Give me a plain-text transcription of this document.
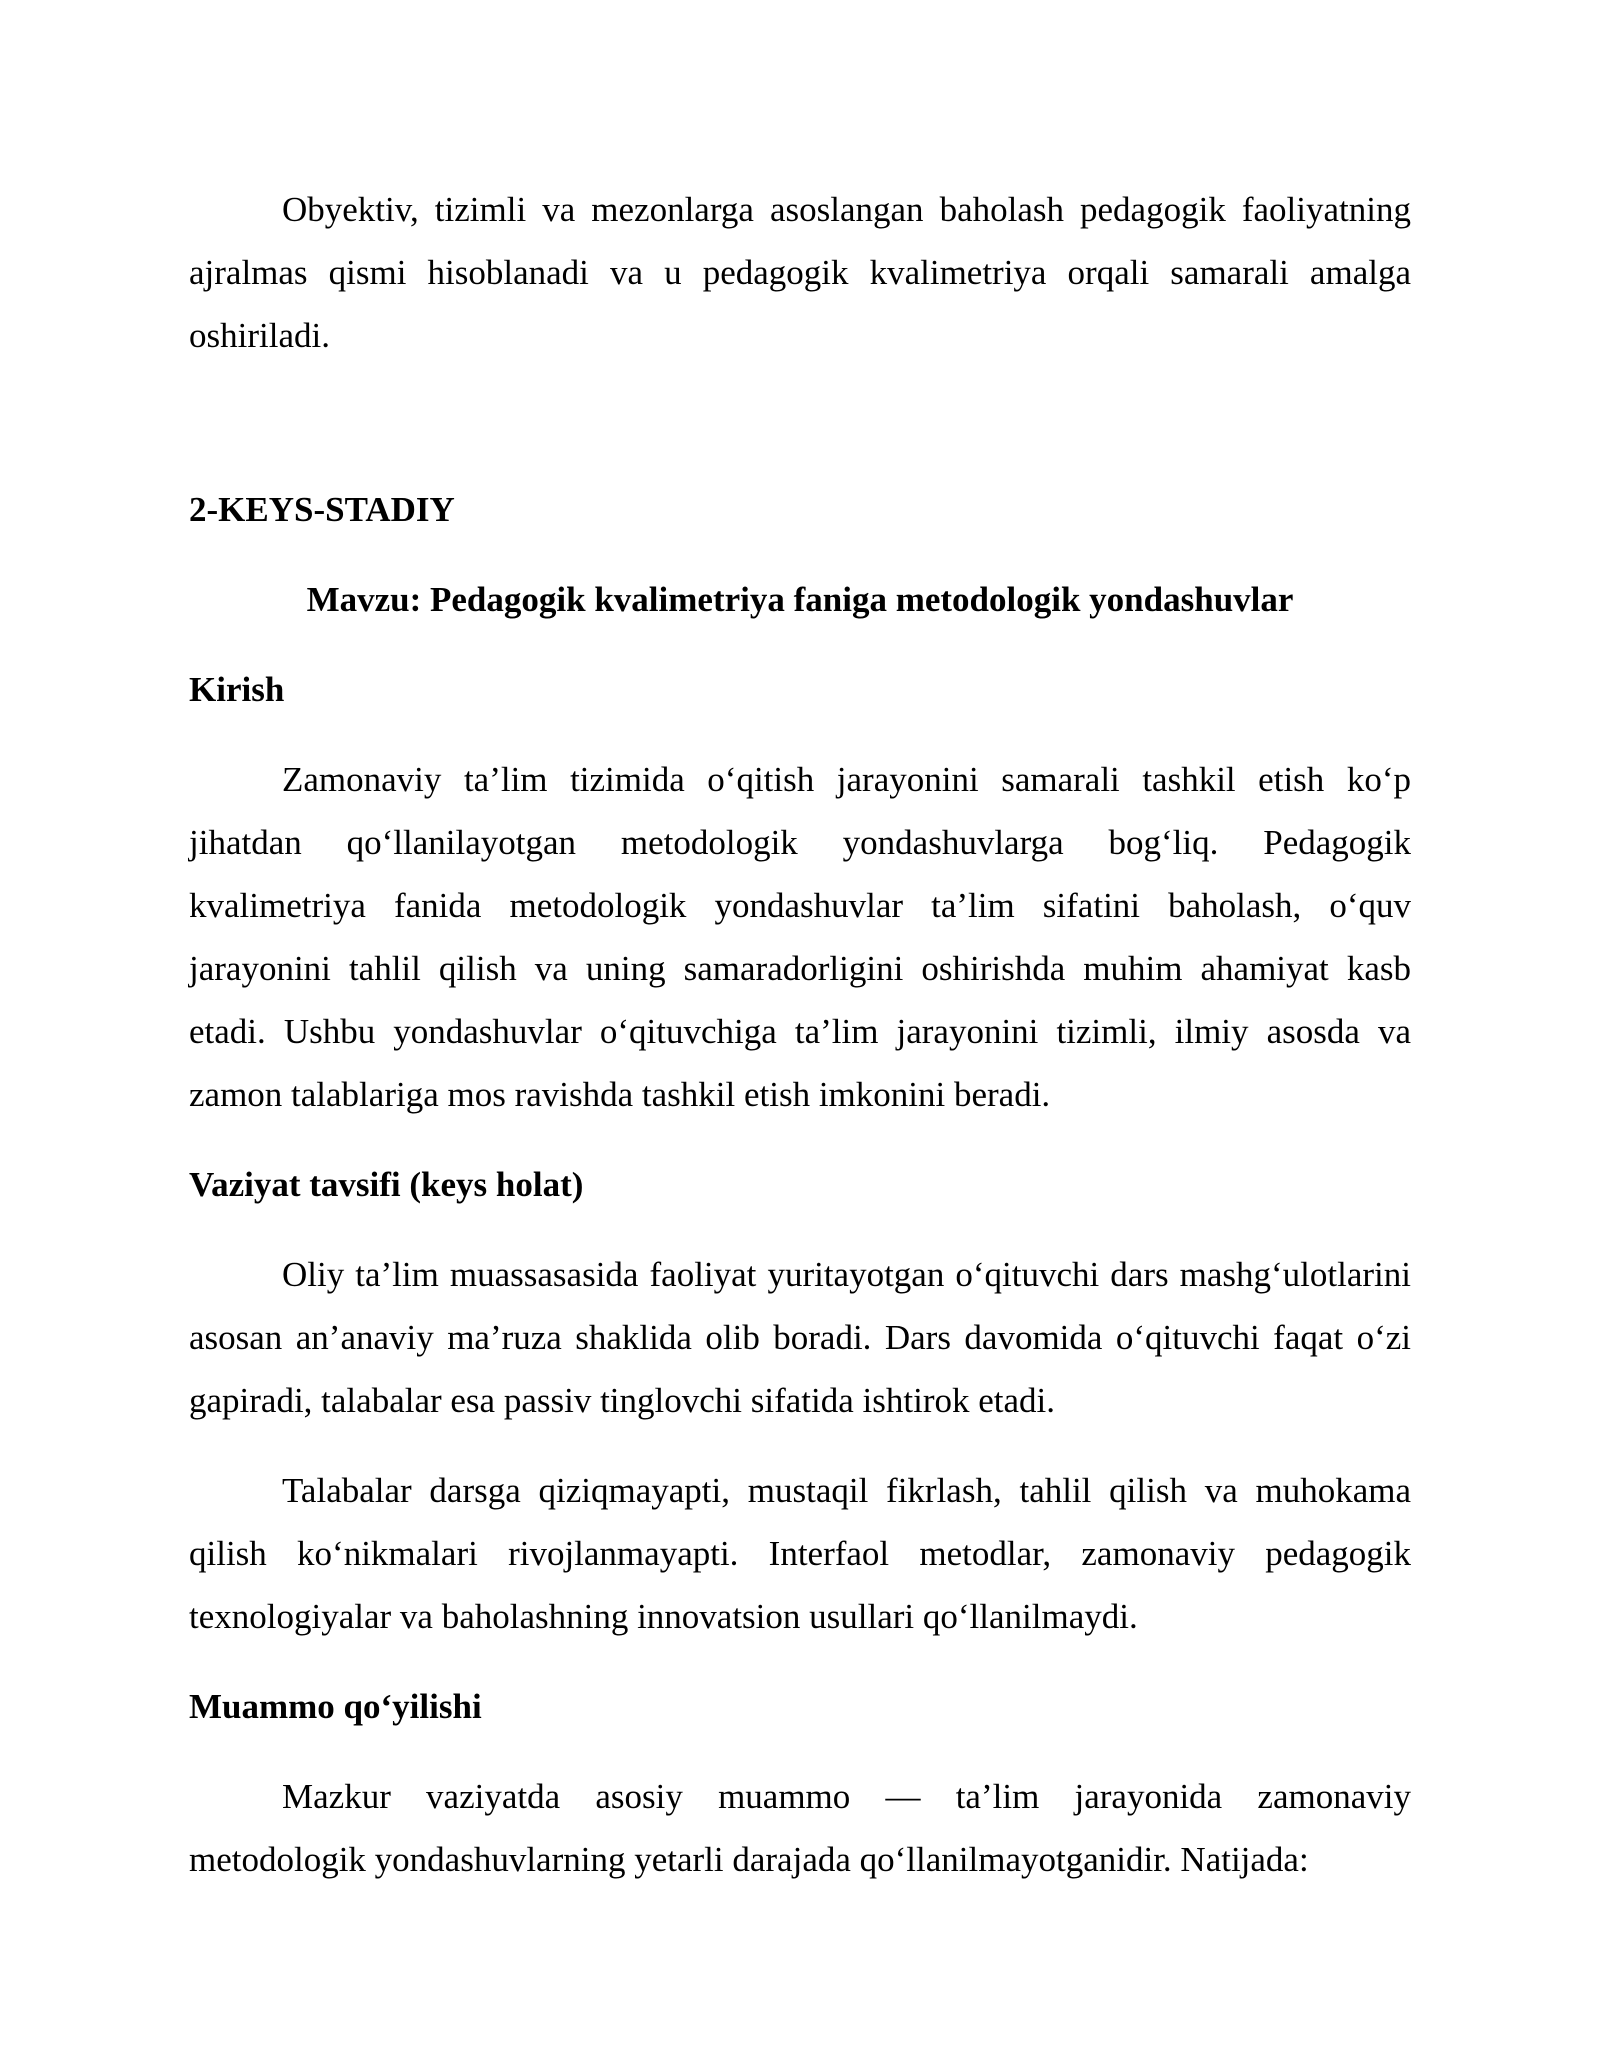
Obyektiv, tizimli va mezonlarga asoslangan baholash pedagogik faoliyatning ajralmas qismi hisoblanadi va u pedagogik kvalimetriya orqali samarali amalga oshiriladi.

2-KEYS-STADIY

Mavzu: Pedagogik kvalimetriya faniga metodologik yondashuvlar

Kirish

Zamonaviy ta’lim tizimida o‘qitish jarayonini samarali tashkil etish ko‘p jihatdan qo‘llanilayotgan metodologik yondashuvlarga bog‘liq. Pedagogik kvalimetriya fanida metodologik yondashuvlar ta’lim sifatini baholash, o‘quv jarayonini tahlil qilish va uning samaradorligini oshirishda muhim ahamiyat kasb etadi. Ushbu yondashuvlar o‘qituvchiga ta’lim jarayonini tizimli, ilmiy asosda va zamon talablariga mos ravishda tashkil etish imkonini beradi.

Vaziyat tavsifi (keys holat)

Oliy ta’lim muassasasida faoliyat yuritayotgan o‘qituvchi dars mashg‘ulotlarini asosan an’anaviy ma’ruza shaklida olib boradi. Dars davomida o‘qituvchi faqat o‘zi gapiradi, talabalar esa passiv tinglovchi sifatida ishtirok etadi.

Talabalar darsga qiziqmayapti, mustaqil fikrlash, tahlil qilish va muhokama qilish ko‘nikmalari rivojlanmayapti. Interfaol metodlar, zamonaviy pedagogik texnologiyalar va baholashning innovatsion usullari qo‘llanilmaydi.

Muammo qo‘yilishi

Mazkur vaziyatda asosiy muammo — ta’lim jarayonida zamonaviy metodologik yondashuvlarning yetarli darajada qo‘llanilmayotganidir. Natijada:
